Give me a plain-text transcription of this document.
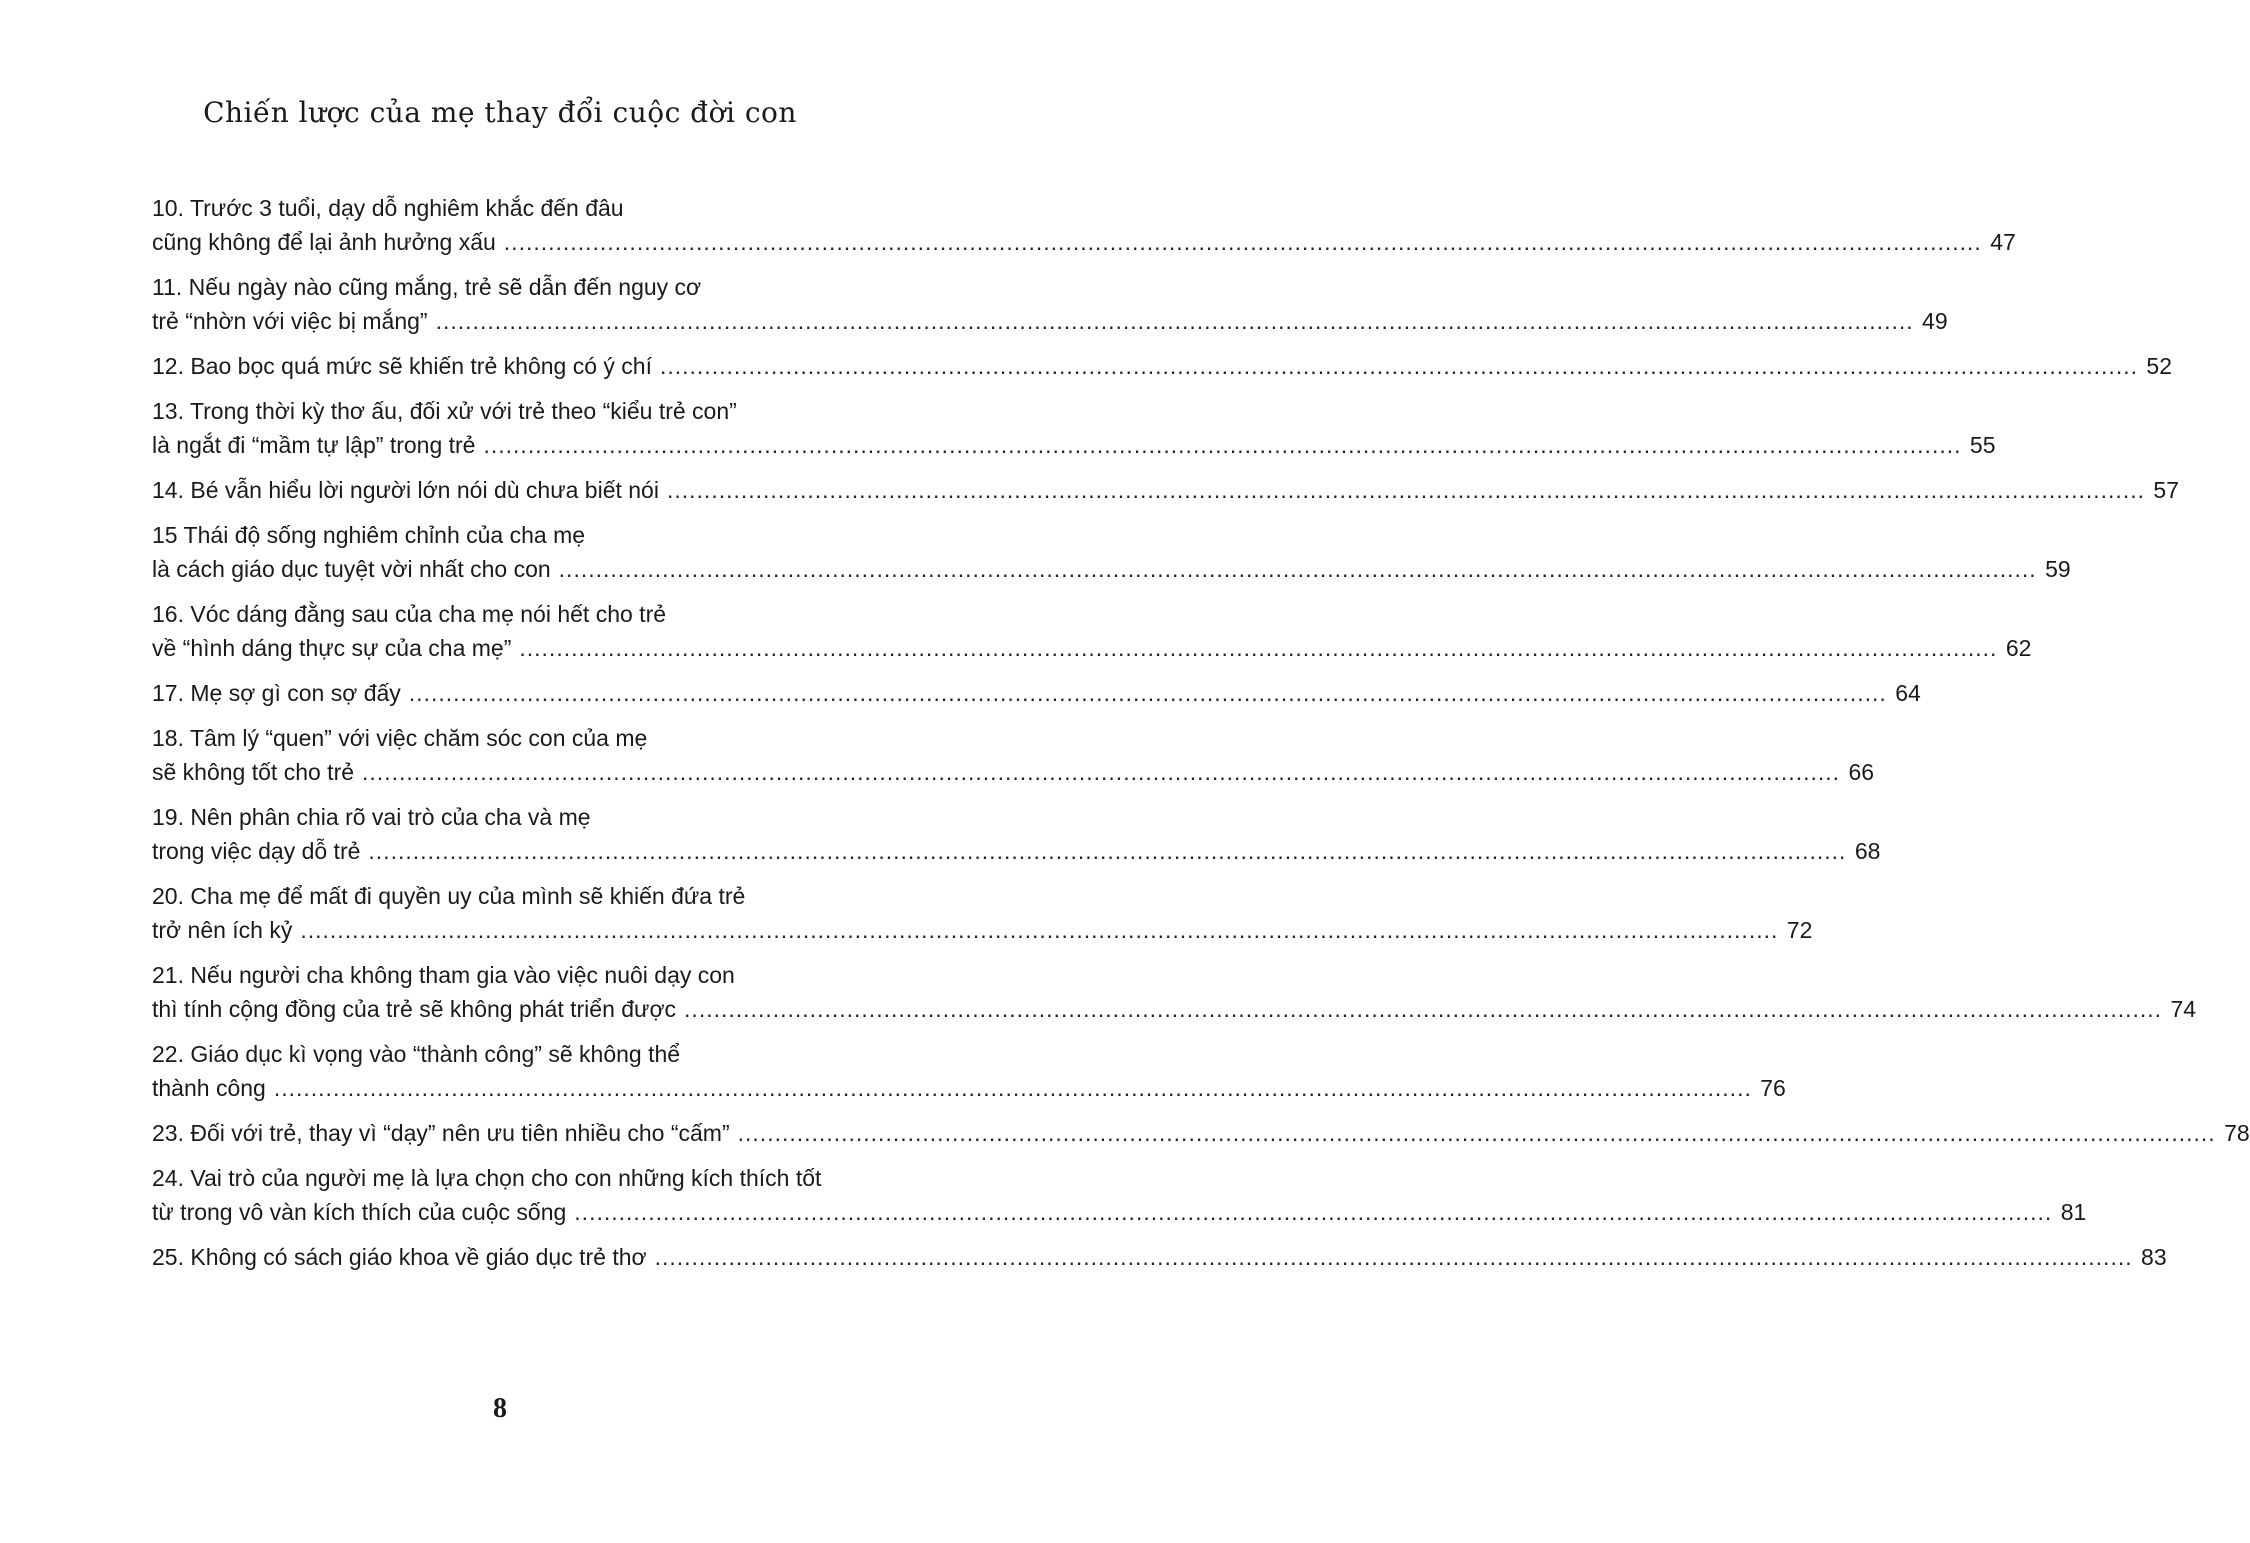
Chiến lược của mẹ thay đổi cuộc đời con
10. Trước 3 tuổi, dạy dỗ nghiêm khắc đến đâu
cũng không để lại ảnh hưởng xấu ........................................................................................................................................................................................................ 47
11. Nếu ngày nào cũng mắng, trẻ sẽ dẫn đến nguy cơ
trẻ “nhờn với việc bị mắng” ........................................................................................................................................................................................................ 49
12. Bao bọc quá mức sẽ khiến trẻ không có ý chí ........................................................................................................................................................................................................ 52
13. Trong thời kỳ thơ ấu, đối xử với trẻ theo “kiểu trẻ con”
là ngắt đi “mầm tự lập” trong trẻ ........................................................................................................................................................................................................ 55
14. Bé vẫn hiểu lời người lớn nói dù chưa biết nói ........................................................................................................................................................................................................ 57
15 Thái độ sống nghiêm chỉnh của cha mẹ
là cách giáo dục tuyệt vời nhất cho con ........................................................................................................................................................................................................ 59
16. Vóc dáng đằng sau của cha mẹ nói hết cho trẻ
về “hình dáng thực sự của cha mẹ” ........................................................................................................................................................................................................ 62
17. Mẹ sợ gì con sợ đấy ........................................................................................................................................................................................................ 64
18. Tâm lý “quen” với việc chăm sóc con của mẹ
sẽ không tốt cho trẻ ........................................................................................................................................................................................................ 66
19. Nên phân chia rõ vai trò của cha và mẹ
trong việc dạy dỗ trẻ ........................................................................................................................................................................................................ 68
20. Cha mẹ để mất đi quyền uy của mình sẽ khiến đứa trẻ
trở nên ích kỷ ........................................................................................................................................................................................................ 72
21. Nếu người cha không tham gia vào việc nuôi dạy con
thì tính cộng đồng của trẻ sẽ không phát triển được ........................................................................................................................................................................................................ 74
22. Giáo dục kì vọng vào “thành công” sẽ không thể
thành công ........................................................................................................................................................................................................ 76
23. Đối với trẻ, thay vì “dạy” nên ưu tiên nhiều cho “cấm” ........................................................................................................................................................................................................ 78
24. Vai trò của người mẹ là lựa chọn cho con những kích thích tốt
từ trong vô vàn kích thích của cuộc sống ........................................................................................................................................................................................................ 81
25. Không có sách giáo khoa về giáo dục trẻ thơ ........................................................................................................................................................................................................ 83
8
